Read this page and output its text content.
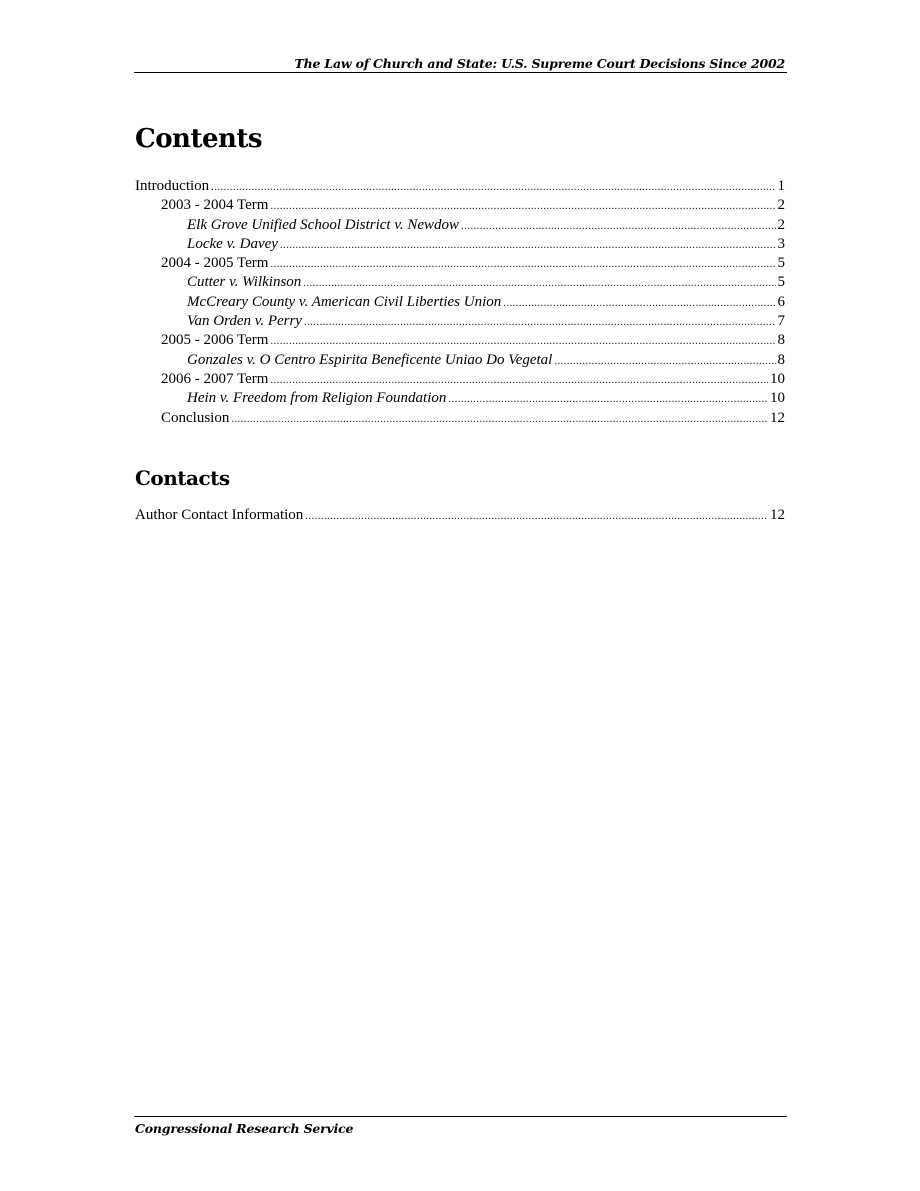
The Law of Church and State: U.S. Supreme Court Decisions Since 2002
Contents
Introduction . . .	1
2003 - 2004 Term . . .	2
Elk Grove Unified School District v. Newdow . . .	2
Locke v. Davey . . .	3
2004 - 2005 Term . . .	5
Cutter v. Wilkinson . . .	5
McCreary County v. American Civil Liberties Union . . .	6
Van Orden v. Perry . . .	7
2005 - 2006 Term . . .	8
Gonzales v. O Centro Espirita Beneficente Uniao Do Vegetal . . .	8
2006 - 2007 Term . . .	10
Hein v. Freedom from Religion Foundation . . .	10
Conclusion . . .	12
Contacts
Author Contact Information . . .	12
Congressional Research Service
